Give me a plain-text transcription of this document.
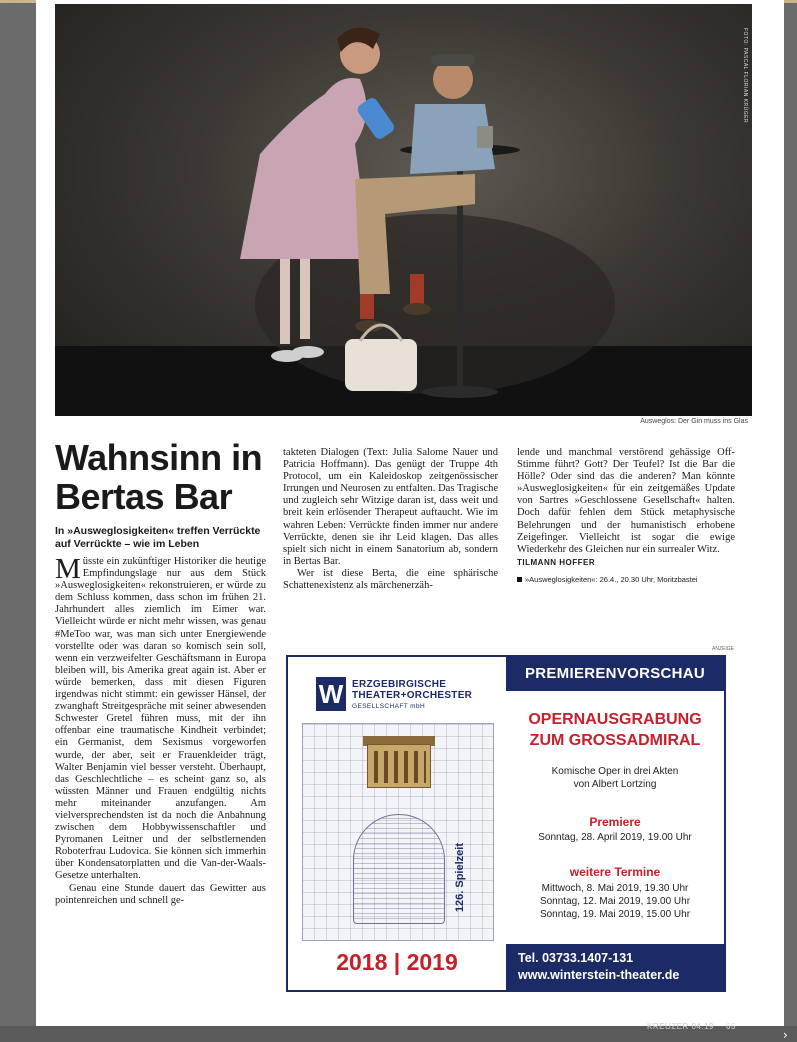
FOTO: PASCAL FLORIAN KRÜGER
Ausweglos: Der Gin muss ins Glas
Wahnsinn in Bertas Bar
In »Ausweglosigkeiten« treffen Verrückte auf Verrückte – wie im Leben

Müsste ein zukünftiger Historiker die heutige Empfindungslage nur aus dem Stück »Ausweglosigkeiten« rekonstruieren, er würde zu dem Schluss kommen, dass schon im frühen 21. Jahrhundert alles ziemlich im Eimer war. Vielleicht würde er nicht mehr wissen, was genau #MeToo war, was man sich unter Energiewende vorstellte oder was daran so komisch sein soll, wenn ein verzweifelter Geschäftsmann in Europa bleiben will, bis Amerika great again ist. Aber er würde bemerken, dass mit diesen Figuren irgendwas nicht stimmt: ein gewisser Hänsel, der zwanghaft Streitgespräche mit seiner abwesenden Schwester Gretel führen muss, mit der ihn offenbar eine traumatische Kindheit verbindet; ein Germanist, dem Sexismus vorgeworfen wurde, der aber, seit er Frauenkleider trägt, Walter Benjamin viel besser versteht. Überhaupt, das Geschlechtliche – es scheint ganz so, als wüssten Männer und Frauen endgültig nichts mehr miteinander anzufangen. Am vielversprechendsten ist da noch die Anbahnung zwischen dem Hobbywissenschaftler und Pyromanen Leitner und der selbstlernenden Roboterfrau Ludovica. Sie können sich immerhin über Kondensatorplatten und die Van-der-Waals-Gesetze unterhalten.

Genau eine Stunde dauert das Gewitter aus pointenreichen und schnell ge-

takteten Dialogen (Text: Julia Salome Nauer und Patricia Hoffmann). Das genügt der Truppe 4th Protocol, um ein Kaleidoskop zeitgenössischer Irrungen und Neurosen zu entfalten. Das Tragische und zugleich sehr Witzige daran ist, dass weit und breit kein erlösender Therapeut auftaucht. Wie im wahren Leben: Verrückte finden immer nur andere Verrückte, denen sie ihr Leid klagen. Das alles spielt sich nicht in einem Sanatorium ab, sondern in Bertas Bar.

Wer ist diese Berta, die eine sphärische Schattenexistenz als märchenerzäh-

lende und manchmal verstörend gehässige Off-Stimme führt? Gott? Der Teufel? Ist die Bar die Hölle? Oder sind das die anderen? Man könnte »Ausweglosigkeiten« für ein zeitgemäßes Update von Sartres »Geschlossene Gesellschaft« halten. Doch dafür fehlen dem Stück metaphysische Belehrungen und der humanistisch erhobene Zeigefinger. Vielleicht ist sogar die ewige Wiederkehr des Gleichen nur ein surrealer Witz.

TILMANN HOFFER
»Ausweglosigkeiten«: 26.4., 20.30 Uhr, Moritzbastei
ANZEIGE
W ERZGEBIRGISCHE
THEATER+ORCHESTER
GESELLSCHAFT mbH
126. Spielzeit
2018 | 2019
PREMIERENVORSCHAU
OPERNAUSGRABUNG
ZUM GROSSADMIRAL
Komische Oper in drei Akten
von Albert Lortzing
Premiere
Sonntag, 28. April 2019, 19.00 Uhr
weitere Termine
Mittwoch, 8. Mai 2019, 19.30 Uhr
Sonntag, 12. Mai 2019, 19.00 Uhr
Sonntag, 19. Mai 2019, 15.00 Uhr
Tel. 03733.1407-131
www.winterstein-theater.de
KREUZER 04.19 65
›
